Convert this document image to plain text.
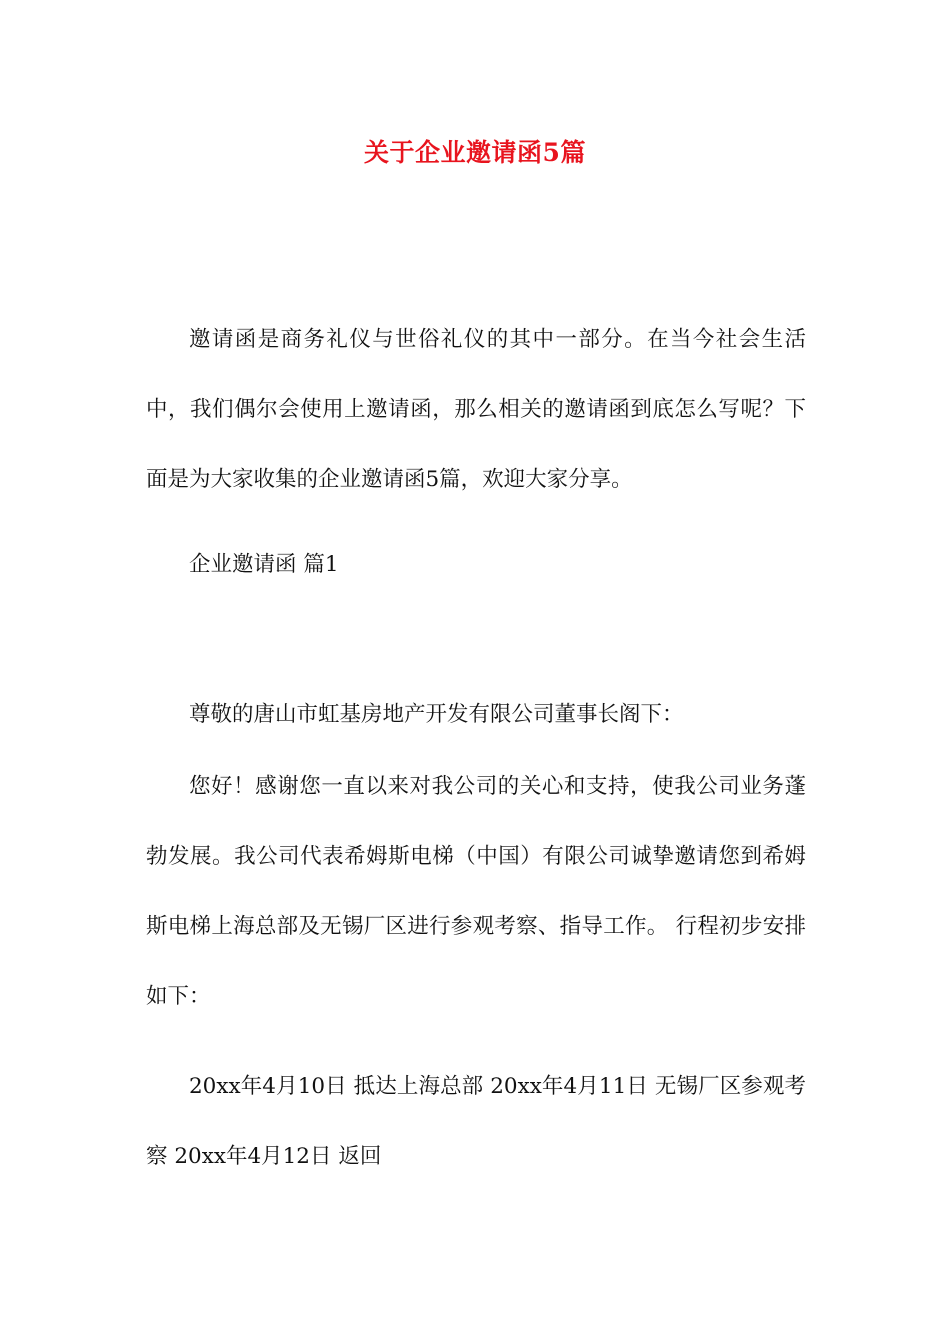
关于企业邀请函5篇

邀请函是商务礼仪与世俗礼仪的其中一部分。在当今社会生活中，我们偶尔会使用上邀请函，那么相关的邀请函到底怎么写呢？下面是为大家收集的企业邀请函5篇，欢迎大家分享。

企业邀请函 篇1

尊敬的唐山市虹基房地产开发有限公司董事长阁下：

您好！感谢您一直以来对我公司的关心和支持，使我公司业务蓬勃发展。我公司代表希姆斯电梯（中国）有限公司诚挚邀请您到希姆斯电梯上海总部及无锡厂区进行参观考察、指导工作。 行程初步安排如下：

20xx年4月10日 抵达上海总部 20xx年4月11日 无锡厂区参观考察 20xx年4月12日 返回
